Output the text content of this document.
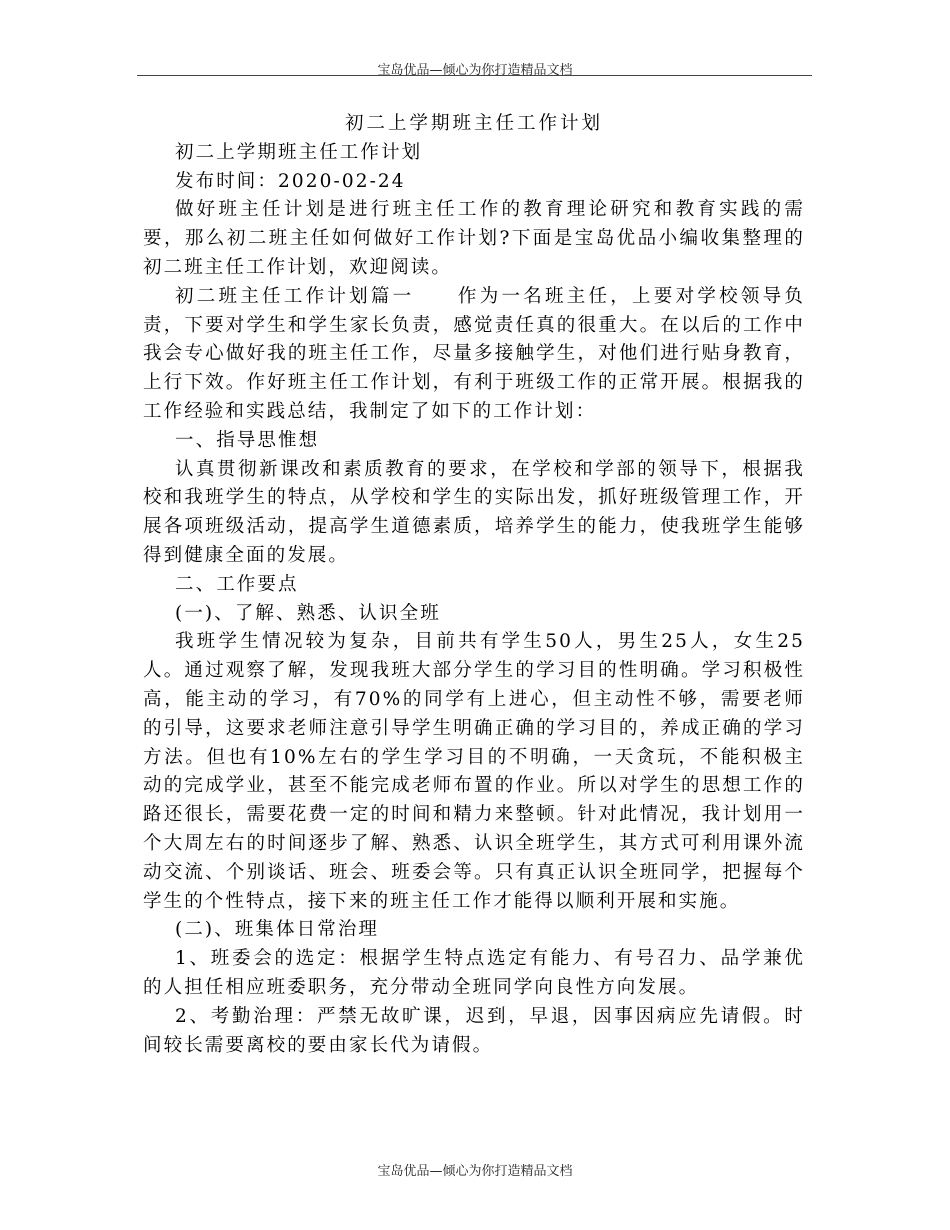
宝岛优品—倾心为你打造精品文档

初二上学期班主任工作计划

初二上学期班主任工作计划

发布时间：2020-02-24

做好班主任计划是进行班主任工作的教育理论研究和教育实践的需要，那么初二班主任如何做好工作计划?下面是宝岛优品小编收集整理的初二班主任工作计划，欢迎阅读。

初二班主任工作计划篇一　　作为一名班主任，上要对学校领导负责，下要对学生和学生家长负责，感觉责任真的很重大。在以后的工作中我会专心做好我的班主任工作，尽量多接触学生，对他们进行贴身教育，上行下效。作好班主任工作计划，有利于班级工作的正常开展。根据我的工作经验和实践总结，我制定了如下的工作计划：

一、指导思惟想

认真贯彻新课改和素质教育的要求，在学校和学部的领导下，根据我校和我班学生的特点，从学校和学生的实际出发，抓好班级管理工作，开展各项班级活动，提高学生道德素质，培养学生的能力，使我班学生能够得到健康全面的发展。

二、工作要点

(一)、了解、熟悉、认识全班

我班学生情况较为复杂，目前共有学生50人，男生25人，女生25人。通过观察了解，发现我班大部分学生的学习目的性明确。学习积极性高，能主动的学习，有70%的同学有上进心，但主动性不够，需要老师的引导，这要求老师注意引导学生明确正确的学习目的，养成正确的学习方法。但也有10%左右的学生学习目的不明确，一天贪玩，不能积极主动的完成学业，甚至不能完成老师布置的作业。所以对学生的思想工作的路还很长，需要花费一定的时间和精力来整顿。针对此情况，我计划用一个大周左右的时间逐步了解、熟悉、认识全班学生，其方式可利用课外流动交流、个别谈话、班会、班委会等。只有真正认识全班同学，把握每个学生的个性特点，接下来的班主任工作才能得以顺利开展和实施。

(二)、班集体日常治理

1、班委会的选定：根据学生特点选定有能力、有号召力、品学兼优的人担任相应班委职务，充分带动全班同学向良性方向发展。

2、考勤治理：严禁无故旷课，迟到，早退，因事因病应先请假。时间较长需要离校的要由家长代为请假。

宝岛优品—倾心为你打造精品文档
